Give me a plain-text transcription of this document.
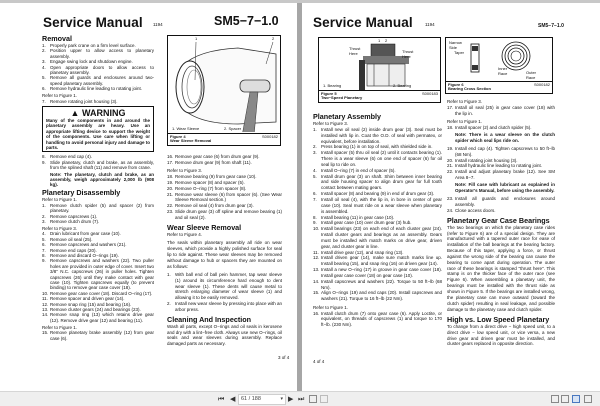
Service Manual 1194	SM5−7−1.0
Removal
1. Properly park crane on a firm level surface.
2. Position upper to allow access to planetary assembly.
3. Engage swing lock and shutdown engine.
4. Open appropriate doors to allow access to planetary assembly.
5. Remove all guards and enclosures around two-speed planetary assembly.
6. Remove hydraulic line leading to rotating joint.
Refer to Figure 1.
7. Remove rotating joint housing (3).
▲ WARNING
Many of the components in and around the planetary assembly are heavy. Use an appropriate lifting device to support the weight of the components. Use care when lifting or handling to avoid personal injury and damage to parts.
8. Remove end cap (4).
9. Slide planetary, clutch and brake, as an assembly, from the splined shaft (11) and remove from crane.
Note: The planetary, clutch and brake, as an assembly, weigh approximately 2,000 lb (908 kg).
Planetary Disassembly
Refer to Figure 1.
1. Remove clutch spider (5) and spacer (2) from planetary.
2. Remove capscrews (1).
3. Remove clutch drum (7).
Refer to Figure 3.
4. Drain lubricant from gear case (10).
5. Remove oil seal (25).
6. Remove capscrews and washers (21).
7. Remove end caps (20).
8. Remove and discard O−rings (19).
9. Remove capscrews and washers (22). Two puller holes are provided in outer edge of cover. Insert two 3/8" N.C. capscrews (26) in puller holes. Tighten capscrews (26) until they make contact with gear case (10). Tighten capscrews equally (to prevent binding) to remove gear case cover (18).
10. Remove gear case cover (18). Discard O−ring (17).
11. Remove spacer and driven gear (14).
12. Remove snap ring (15) and bearing (16).
13. Remove cluster gears (24) and bearings (23).
14. Remove snap ring (13) which retains drive gear (12). Remove drive gear (12) and bearing (11).
Refer to Figure 1.
15. Remove planetary brake assembly (12) from gear case (6).
1	2
1. Wear Sleeve	2. Spacer
Figure 4
Wear Sleeve Removal
S000182
16. Remove gear case (6) from drum gear (9).
17. Remove drum gear (9) from shaft (11).
Refer to Figure 3.
18. Remove bearing (9) from gear case (10).
19. Remove spacer (8) and spacer (5).
20. Remove O−ring (7) from spacer (8).
21. Remove wear sleeve (6) from spacer (6). (See Wear Sleeve Removal section.)
22. Remove oil seal (4) from drum gear (3).
23. Slide drum gear (3) off spline and remove bearing (1) and oil seal (2).
Wear Sleeve Removal
Refer to Figure 4.
The seals within planetary assembly all ride on wear sleeves, which provide a highly polished surface for seal lip to ride against. These wear sleeves may be removed without damage to hub or spacers they are mounted on as follows:
1. With ball end of ball pein hammer, tap wear sleeve (1) around its circumference hard enough to dent wear sleeve (1). These dents will cause metal to stretch enlarging diameter of wear sleeve (1) and allowing it to be easily removed.
2. Install new wear sleeve by pressing into place with an arbor press.
Cleaning And Inspection
Wash all parts, except O−rings and oil seals in kerosene and dry with a lint−free cloth. Always use new O−rings, oil seals and wear sleeves during assembly. Replace damaged parts as necessary.
3 of 4
Service Manual	1194	SM5−7−1.0
1 2
Thrust Here	Thrust Here
1. Bearing	2. Bearing
Figure 5
Two−Speed Planetary
S000183
Planetary Assembly
Refer to Figure 3.
1. Install new oil seal (2) inside drum gear (3). Seal must be installed with lip in. Coat the O.D. of seal with permatex, or equivalent, before installation.
2. Press bearing (1) in on top of seal, with shielded side in.
3. Install spacer (5) thru oil seal (2) until it contacts bearing (1). There is a wear sleeve (6) on one end of spacer (6) for oil seal lip to ride on.
4. Install O−ring (7) in end of spacer (5).
5. Install drum gear (3) on shaft. Shim between inner bearing and side housing spacer to align drum gear for full tooth contact between mating gears.
6. Install spacer (8) and bearing (9) in end of drum gear (3).
7. Install oil seal (4), with the lip in, in bore in center of gear case (10). Seal must ride on a wear sleeve when planetary is assembled.
8. Install bearing (11) in gear case (10).
9. Install gear case (10) over drum gear (3) hub.
10. Install bearings (23) on each end of each cluster gear (24). Install cluster gears and bearings as an assembly. Gears must be installed with match marks on drive gear, driven gear, and cluster gear in line.
11. Install drive gear (12), and snap ring (13).
12. Install driven gear (14), make sure match marks line up. Install bearing (15), and snap ring (16) on driven gear (14).
13. Install a new O−ring (17) in groove in gear case cover (18). Install gear case cover (18) on gear case (10).
14. Install capscrews and washers (22). Torque to 50 ft−lb (68 Nm).
15. Align O−rings (19) and end caps (20). Install capscrews and washers (21). Torque to 16 ft−lb (22 Nm).
Refer to Figure 1.
16. Install clutch drum (7) onto gear case (6). Apply Loctite, or equivalent, on threads of capscrews (1) and torque to 170 ft−lb. (230 Nm).
Narrow Side
Taper
Inner Race	Outer Race
Figure 6
Bearing Cross Section
S000182
Refer to Figure 3.
17. Install oil seal (25) in gear case cover (18) with the lip in.
Refer to Figure 1.
18. Install spacer (2) and clutch spider (5).
Note: There is a wear sleeve on the clutch spider which seal lips ride on.
19. Install end cap (4). Tighten capscrews to 50 ft−lb (68 Nm).
20. Install rotating joint housing (3).
21. Install hydraulic line leading to rotating joint.
22. Install and adjust planetary brake (12). See SM Area 8−7.
Note: Fill case with lubricant as explained in Operator's Manual, before using the assembly.
23. Install all guards and enclosures around assembly.
24. Close access doors.
Planetary Gear Case Bearings
The two bearings on which the planetary case rides (refer to Figure 6) are of a special design. They are manufactured with a tapered outer race for ease of installation of the ball bearings at the bearing factory. Because of this taper, applying a force, or thrust against the wrong side of the bearing can cause the bearing to come apart during operation. The outer race of these bearings is stamped "thrust here". This stamp is on the thicker face of the outer race (see Figure 6). When assembling a planetary unit, the bearings must be installed with the thrust side as shown in Figure 5. If the bearings are installed wrong, the planetary case can move outward (toward the clutch spider) resulting in seal leakage, and possible damage to the planetary case and clutch spider.
High vs. Low Speed Planetary
To change from a direct drive − high speed unit, to a direct drive − low speed unit, or vice versa, a new drive gear and driven gear must be installed, and cluster gears replaced in opposite direction.
4 of 4
⏮ ◀	61 / 188	▾ ▶ ⏭
